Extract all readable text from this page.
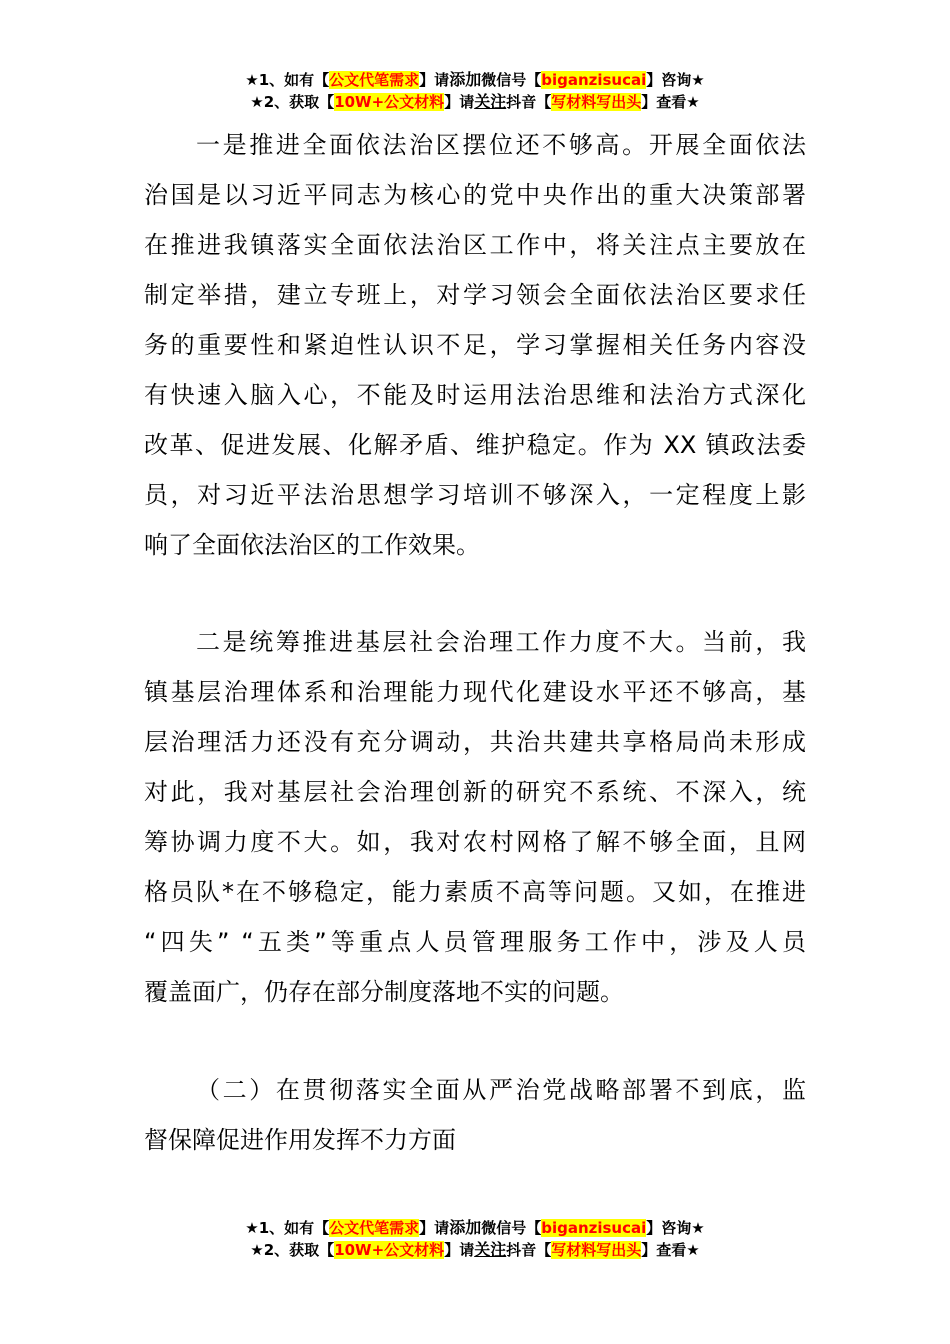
★1、如有【公文代笔需求】请添加微信号【biganzisucai】咨询★
★2、获取【10W+公文材料】请关注抖音【写材料写出头】查看★
一是推进全面依法治区摆位还不够高。开展全面依法
治国是以习近平同志为核心的党中央作出的重大决策部署
在推进我镇落实全面依法治区工作中，将关注点主要放在
制定举措，建立专班上，对学习领会全面依法治区要求任
务的重要性和紧迫性认识不足，学习掌握相关任务内容没
有快速入脑入心，不能及时运用法治思维和法治方式深化
改革、促进发展、化解矛盾、维护稳定。作为 XX 镇政法委
员，对习近平法治思想学习培训不够深入，一定程度上影
响了全面依法治区的工作效果。
二是统筹推进基层社会治理工作力度不大。当前，我
镇基层治理体系和治理能力现代化建设水平还不够高，基
层治理活力还没有充分调动，共治共建共享格局尚未形成
对此，我对基层社会治理创新的研究不系统、不深入，统
筹协调力度不大。如，我对农村网格了解不够全面，且网
格员队*在不够稳定，能力素质不高等问题。又如，在推进
“四失” “五类”等重点人员管理服务工作中，涉及人员
覆盖面广，仍存在部分制度落地不实的问题。
（二）在贯彻落实全面从严治党战略部署不到底，监
督保障促进作用发挥不力方面
★1、如有【公文代笔需求】请添加微信号【biganzisucai】咨询★
★2、获取【10W+公文材料】请关注抖音【写材料写出头】查看★
